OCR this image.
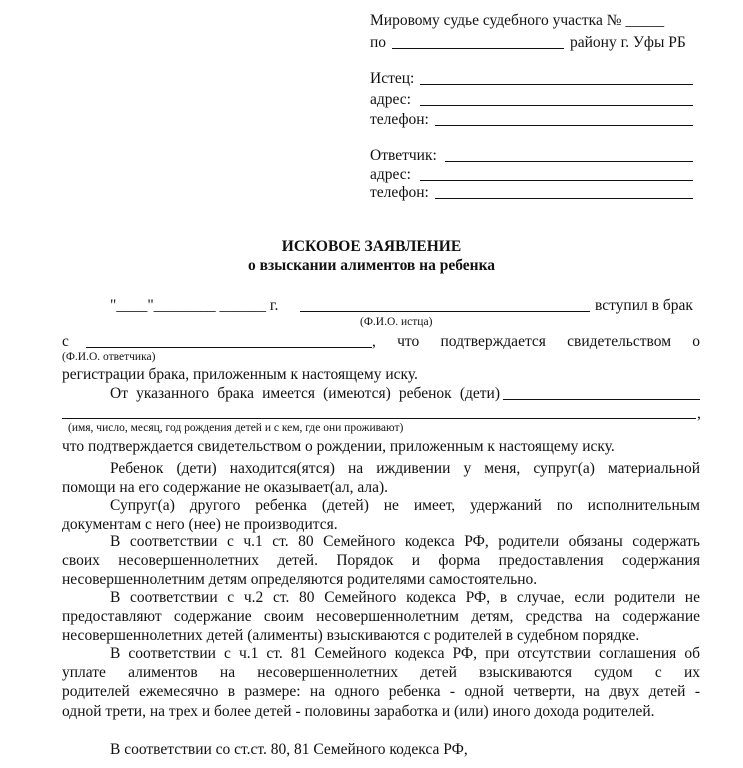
Мировому судье судебного участка № _____
по	району г. Уфы РБ
Истец:
адрес:
телефон:
Ответчик:
адрес:
телефон:
ИСКОВОЕ ЗАЯВЛЕНИЕ
о взыскании алиментов на ребенка
"____"________ ______ г.	вступил в брак
(Ф.И.О. истца)
с	, что подтверждается свидетельством о
(Ф.И.О. ответчика)
регистрации брака, приложенным к настоящему иску.
От указанного брака имеется (имеются) ребенок (дети)
,
(имя, число, месяц, год рождения детей и с кем, где они проживают)
что подтверждается свидетельством о рождении, приложенным к настоящему иску.
Ребенок (дети) находится(ятся) на иждивении у меня, супруг(а) материальной
помощи на его содержание не оказывает(ал, ала).
Супруг(а) другого ребенка (детей) не имеет, удержаний по исполнительным
документам с него (нее) не производится.
В соответствии с ч.1 ст. 80 Семейного кодекса РФ, родители обязаны содержать
своих несовершеннолетних детей. Порядок и форма предоставления содержания
несовершеннолетним детям определяются родителями самостоятельно.
В соответствии с ч.2 ст. 80 Семейного кодекса РФ, в случае, если родители не
предоставляют содержание своим несовершеннолетним детям, средства на содержание
несовершеннолетних детей (алименты) взыскиваются с родителей в судебном порядке.
В соответствии с ч.1 ст. 81 Семейного кодекса РФ, при отсутствии соглашения об
уплате алиментов на несовершеннолетних детей взыскиваются судом с их
родителей ежемесячно в размере: на одного ребенка - одной четверти, на двух детей -
одной трети, на трех и более детей - половины заработка и (или) иного дохода родителей.
В соответствии со ст.ст. 80, 81 Семейного кодекса РФ,
